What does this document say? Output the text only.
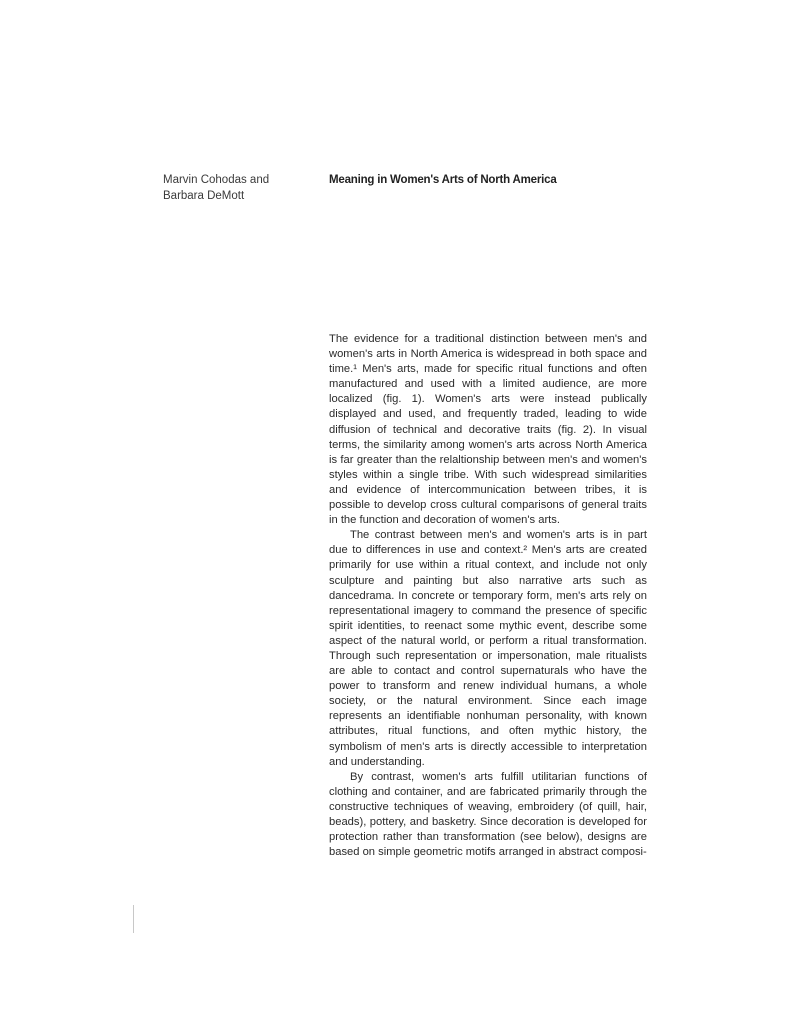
Marvin Cohodas and
Barbara DeMott
Meaning in Women's Arts of North America

The evidence for a traditional distinction between men's and women's arts in North America is widespread in both space and time.¹ Men's arts, made for specific ritual functions and often manufactured and used with a limited audience, are more localized (fig. 1). Women's arts were instead publically displayed and used, and frequently traded, leading to wide diffusion of technical and decorative traits (fig. 2). In visual terms, the similarity among women's arts across North America is far greater than the relaltionship between men's and women's styles within a single tribe. With such widespread similarities and evidence of intercommunication between tribes, it is possible to develop cross cultural comparisons of general traits in the function and decoration of women's arts.

The contrast between men's and women's arts is in part due to differences in use and context.² Men's arts are created primarily for use within a ritual context, and include not only sculpture and painting but also narrative arts such as dancedrama. In concrete or temporary form, men's arts rely on representational imagery to command the presence of specific spirit identities, to reenact some mythic event, describe some aspect of the natural world, or perform a ritual transformation. Through such representation or impersonation, male ritualists are able to contact and control supernaturals who have the power to transform and renew individual humans, a whole society, or the natural environment. Since each image represents an identifiable nonhuman personality, with known attributes, ritual functions, and often mythic history, the symbolism of men's arts is directly accessible to interpretation and understanding.

By contrast, women's arts fulfill utilitarian functions of clothing and container, and are fabricated primarily through the constructive techniques of weaving, embroidery (of quill, hair, beads), pottery, and basketry. Since decoration is developed for protection rather than transformation (see below), designs are based on simple geometric motifs arranged in abstract composi-
